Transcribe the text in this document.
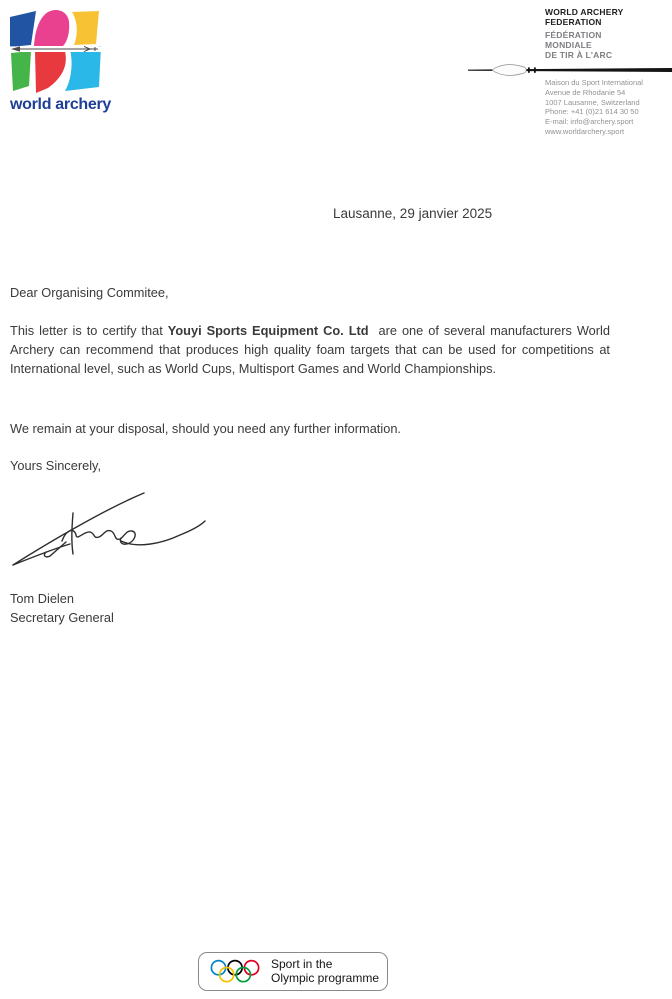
world archery
WORLD ARCHERY
FEDERATION
FÉDÉRATION
MONDIALE
DE TIR À L'ARC
Maison du Sport International
Avenue de Rhodanie 54
1007 Lausanne, Switzerland
Phone: +41 (0)21 614 30 50
E-mail: info@archery.sport
www.worldarchery.sport
Lausanne, 29 janvier 2025
Dear Organising Commitee,
This letter is to certify that Youyi Sports Equipment Co. Ltd  are one of several manufacturers World Archery can recommend that produces high quality foam targets that can be used for competitions at International level, such as World Cups, Multisport Games and World Championships.
We remain at your disposal, should you need any further information.
Yours Sincerely,
Tom Dielen
Secretary General
Sport in the
Olympic programme
